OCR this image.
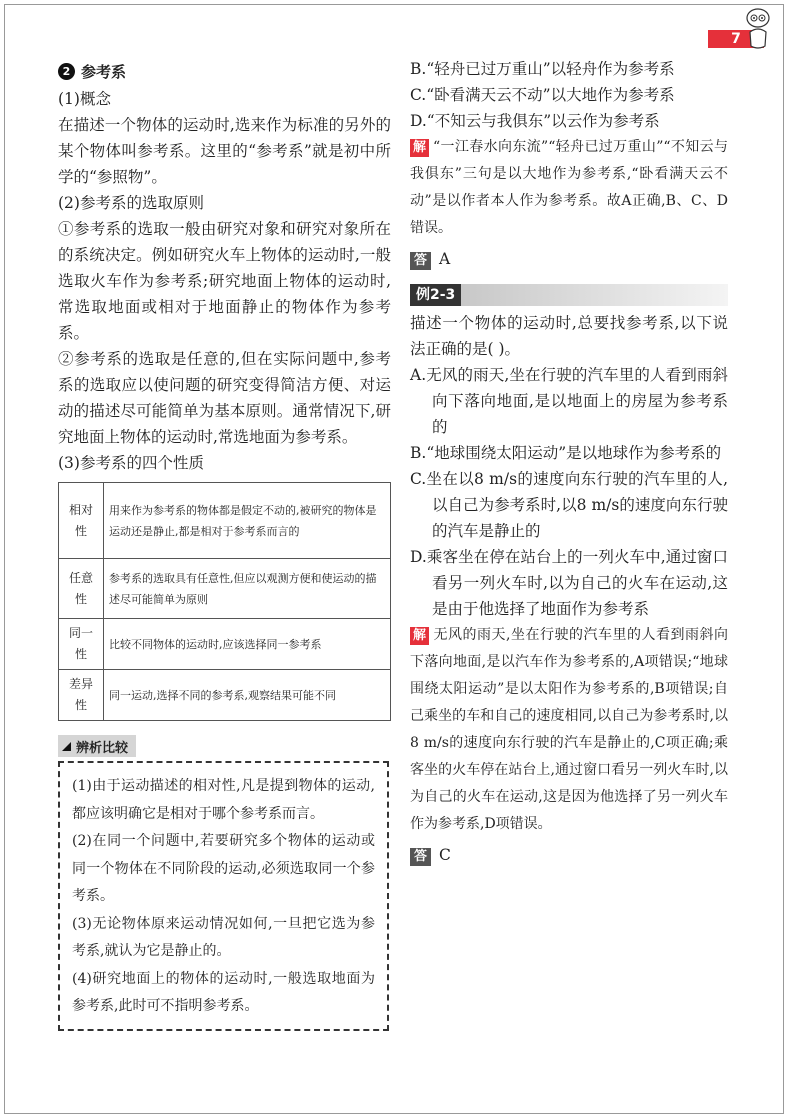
7
2 参考系
(1)概念
在描述一个物体的运动时,选来作为标准的另外的某个物体叫参考系。这里的“参考系”就是初中所学的“参照物”。
(2)参考系的选取原则
①参考系的选取一般由研究对象和研究对象所在的系统决定。例如研究火车上物体的运动时,一般选取火车作为参考系;研究地面上物体的运动时,常选取地面或相对于地面静止的物体作为参考系。
②参考系的选取是任意的,但在实际问题中,参考系的选取应以使问题的研究变得简洁方便、对运动的描述尽可能简单为基本原则。通常情况下,研究地面上物体的运动时,常选地面为参考系。
(3)参考系的四个性质
相对性	用来作为参考系的物体都是假定不动的,被研究的物体是运动还是静止,都是相对于参考系而言的
任意性	参考系的选取具有任意性,但应以观测方便和使运动的描述尽可能简单为原则
同一性	比较不同物体的运动时,应该选择同一参考系
差异性	同一运动,选择不同的参考系,观察结果可能不同
辨析比较
(1)由于运动描述的相对性,凡是提到物体的运动,都应该明确它是相对于哪个参考系而言。
(2)在同一个问题中,若要研究多个物体的运动或同一个物体在不同阶段的运动,必须选取同一个参考系。
(3)无论物体原来运动情况如何,一旦把它选为参考系,就认为它是静止的。
(4)研究地面上的物体的运动时,一般选取地面为参考系,此时可不指明参考系。
B.“轻舟已过万重山”以轻舟作为参考系
C.“卧看满天云不动”以大地作为参考系
D.“不知云与我俱东”以云作为参考系
解 “一江春水向东流”“轻舟已过万重山”“不知云与我俱东”三句是以大地作为参考系,“卧看满天云不动”是以作者本人作为参考系。故A正确,B、C、D错误。
答 A
例2-3
描述一个物体的运动时,总要找参考系,以下说法正确的是( )。
A.无风的雨天,坐在行驶的汽车里的人看到雨斜向下落向地面,是以地面上的房屋为参考系的
B.“地球围绕太阳运动”是以地球作为参考系的
C.坐在以8 m/s的速度向东行驶的汽车里的人,以自己为参考系时,以8 m/s的速度向东行驶的汽车是静止的
D.乘客坐在停在站台上的一列火车中,通过窗口看另一列火车时,以为自己的火车在运动,这是由于他选择了地面作为参考系
解 无风的雨天,坐在行驶的汽车里的人看到雨斜向下落向地面,是以汽车作为参考系的,A项错误;“地球围绕太阳运动”是以太阳作为参考系的,B项错误;自己乘坐的车和自己的速度相同,以自己为参考系时,以8 m/s的速度向东行驶的汽车是静止的,C项正确;乘客坐的火车停在站台上,通过窗口看另一列火车时,以为自己的火车在运动,这是因为他选择了另一列火车作为参考系,D项错误。
答 C
